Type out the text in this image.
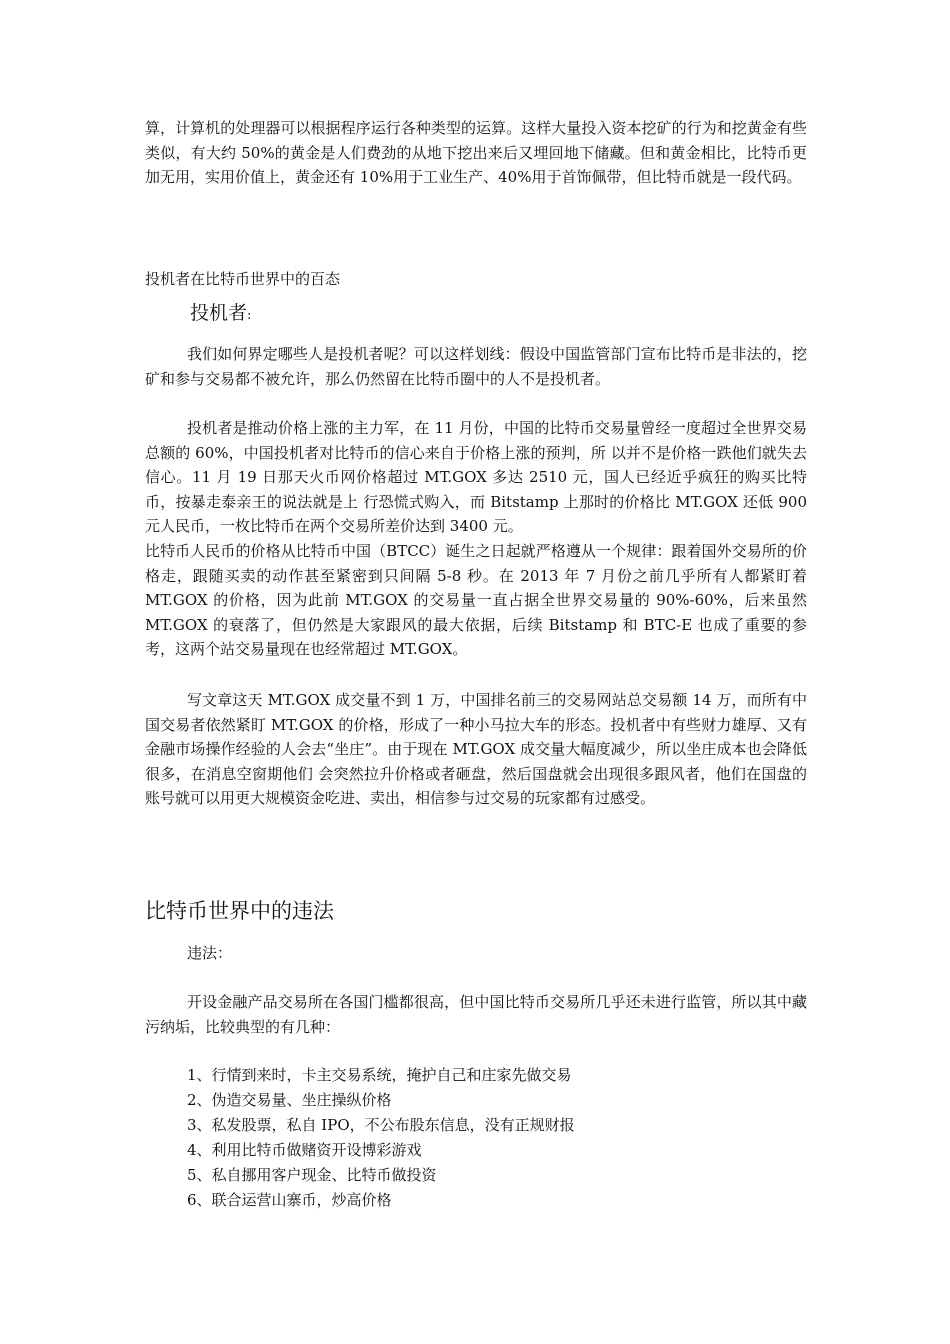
算，计算机的处理器可以根据程序运行各种类型的运算。这样大量投入资本挖矿的行为和挖黄金有些类似，有大约 50%的黄金是人们费劲的从地下挖出来后又埋回地下储藏。但和黄金相比，比特币更加无用，实用价值上，黄金还有 10%用于工业生产、40%用于首饰佩带，但比特币就是一段代码。

投机者在比特币世界中的百态

投机者:

我们如何界定哪些人是投机者呢？可以这样划线：假设中国监管部门宣布比特币是非法的，挖矿和参与交易都不被允许，那么仍然留在比特币圈中的人不是投机者。

投机者是推动价格上涨的主力军，在 11 月份，中国的比特币交易量曾经一度超过全世界交易总额的 60%，中国投机者对比特币的信心来自于价格上涨的预判，所 以并不是价格一跌他们就失去信心。11 月 19 日那天火币网价格超过 MT.GOX 多达 2510 元，国人已经近乎疯狂的购买比特币，按暴走泰亲王的说法就是上 行恐慌式购入，而 Bitstamp 上那时的价格比 MT.GOX 还低 900 元人民币，一枚比特币在两个交易所差价达到 3400 元。

比特币人民币的价格从比特币中国（BTCC）诞生之日起就严格遵从一个规律：跟着国外交易所的价格走，跟随买卖的动作甚至紧密到只间隔 5-8 秒。在 2013 年 7 月份之前几乎所有人都紧盯着 MT.GOX 的价格，因为此前 MT.GOX 的交易量一直占据全世界交易量的 90%-60%，后来虽然 MT.GOX 的衰落了，但仍然是大家跟风的最大依据，后续 Bitstamp 和 BTC-E 也成了重要的参考，这两个站交易量现在也经常超过 MT.GOX。

写文章这天 MT.GOX 成交量不到 1 万，中国排名前三的交易网站总交易额 14 万，而所有中国交易者依然紧盯 MT.GOX 的价格，形成了一种小马拉大车的形态。投机者中有些财力雄厚、又有金融市场操作经验的人会去“坐庄”。由于现在 MT.GOX 成交量大幅度减少，所以坐庄成本也会降低很多，在消息空窗期他们 会突然拉升价格或者砸盘，然后国盘就会出现很多跟风者，他们在国盘的账号就可以用更大规模资金吃进、卖出，相信参与过交易的玩家都有过感受。

比特币世界中的违法

违法：

开设金融产品交易所在各国门槛都很高，但中国比特币交易所几乎还未进行监管，所以其中藏污纳垢，比较典型的有几种：

1、行情到来时，卡主交易系统，掩护自己和庄家先做交易
2、伪造交易量、坐庄操纵价格
3、私发股票，私自 IPO，不公布股东信息，没有正规财报
4、利用比特币做赌资开设博彩游戏
5、私自挪用客户现金、比特币做投资
6、联合运营山寨币，炒高价格
